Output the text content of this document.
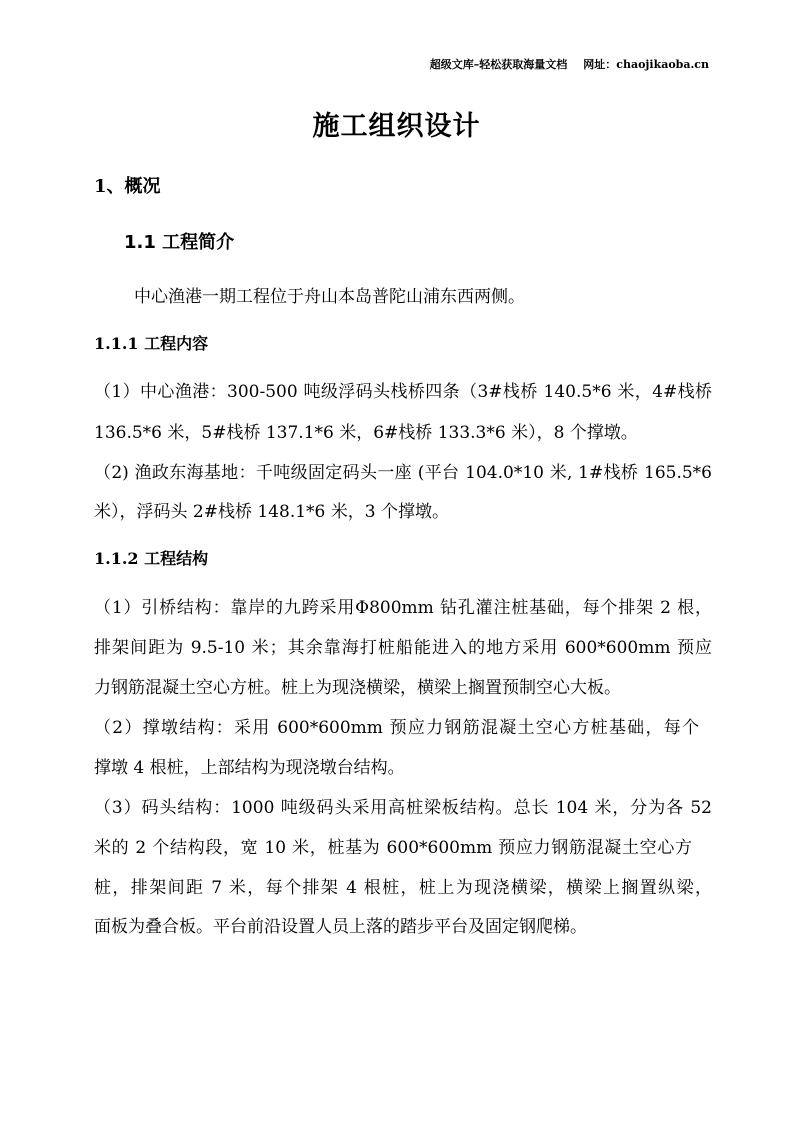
超级文库–轻松获取海量文档 网址：chaojikaoba.cn
施工组织设计
1、概况
1.1 工程简介
中心渔港一期工程位于舟山本岛普陀山浦东西两侧。
1.1.1 工程内容
（1）中心渔港：300-500 吨级浮码头栈桥四条（3#栈桥 140.5*6 米，4#栈桥
136.5*6 米，5#栈桥 137.1*6 米，6#栈桥 133.3*6 米），8 个撑墩。
（2) 渔政东海基地：千吨级固定码头一座 (平台 104.0*10 米, 1#栈桥 165.5*6
米），浮码头 2#栈桥 148.1*6 米，3 个撑墩。
1.1.2 工程结构
（1）引桥结构：靠岸的九跨采用Φ800mm 钻孔灌注桩基础，每个排架 2 根，
排架间距为 9.5-10 米；其余靠海打桩船能进入的地方采用 600*600mm 预应
力钢筋混凝土空心方桩。桩上为现浇横梁，横梁上搁置预制空心大板。
（2）撑墩结构：采用 600*600mm 预应力钢筋混凝土空心方桩基础，每个
撑墩 4 根桩，上部结构为现浇墩台结构。
（3）码头结构：1000 吨级码头采用高桩梁板结构。总长 104 米，分为各 52
米的 2 个结构段，宽 10 米，桩基为 600*600mm 预应力钢筋混凝土空心方
桩，排架间距 7 米，每个排架 4 根桩，桩上为现浇横梁，横梁上搁置纵梁，
面板为叠合板。平台前沿设置人员上落的踏步平台及固定钢爬梯。
